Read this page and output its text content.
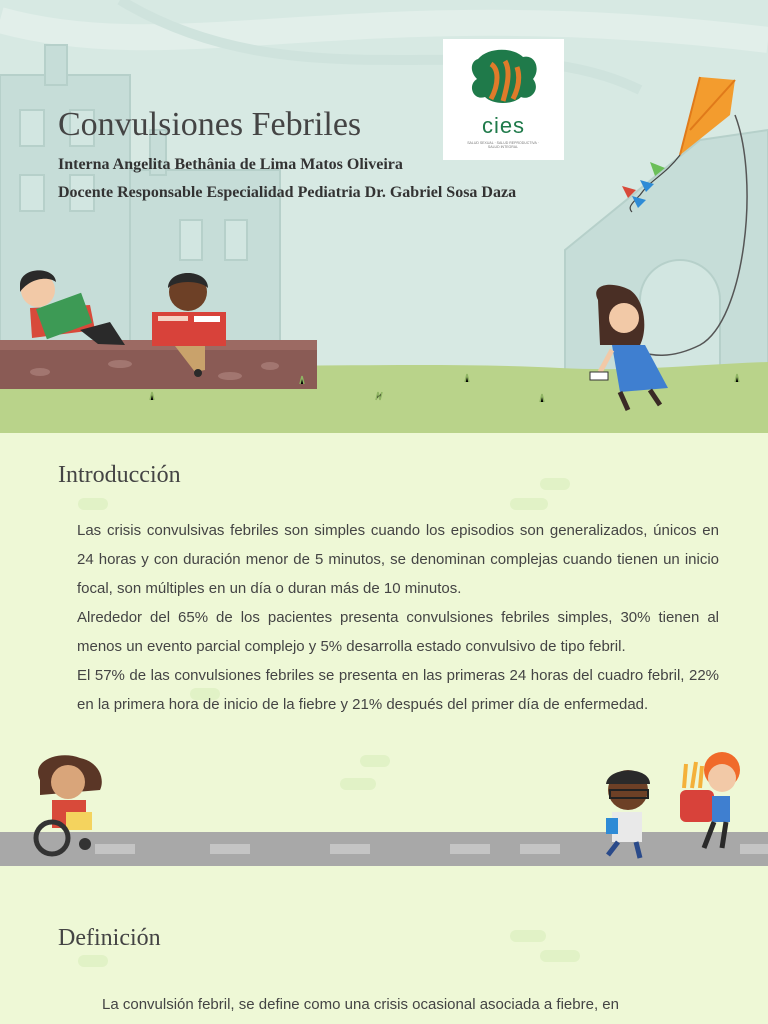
cies
SALUD SEXUAL · SALUD REPRODUCTIVA · SALUD INTEGRAL
Convulsiones Febriles
Interna Angelita Bethânia de Lima Matos Oliveira
Docente Responsable Especialidad Pediatria Dr. Gabriel Sosa Daza
Introducción

Las crisis convulsivas febriles son simples cuando los episodios son generalizados, únicos en 24 horas y con duración menor de 5 minutos, se denominan complejas cuando tienen un inicio focal, son múltiples en un día o duran más de 10 minutos.

Alrededor del 65% de los pacientes presenta convulsiones febriles simples, 30% tienen al menos un evento parcial complejo y 5% desarrolla estado convulsivo de tipo febril.

El 57% de las convulsiones febriles se presenta en las primeras 24 horas del cuadro febril, 22% en la primera hora de inicio de la fiebre y 21% después del primer día de enfermedad.

Definición

La convulsión febril, se define como una crisis ocasional asociada a fiebre, en
